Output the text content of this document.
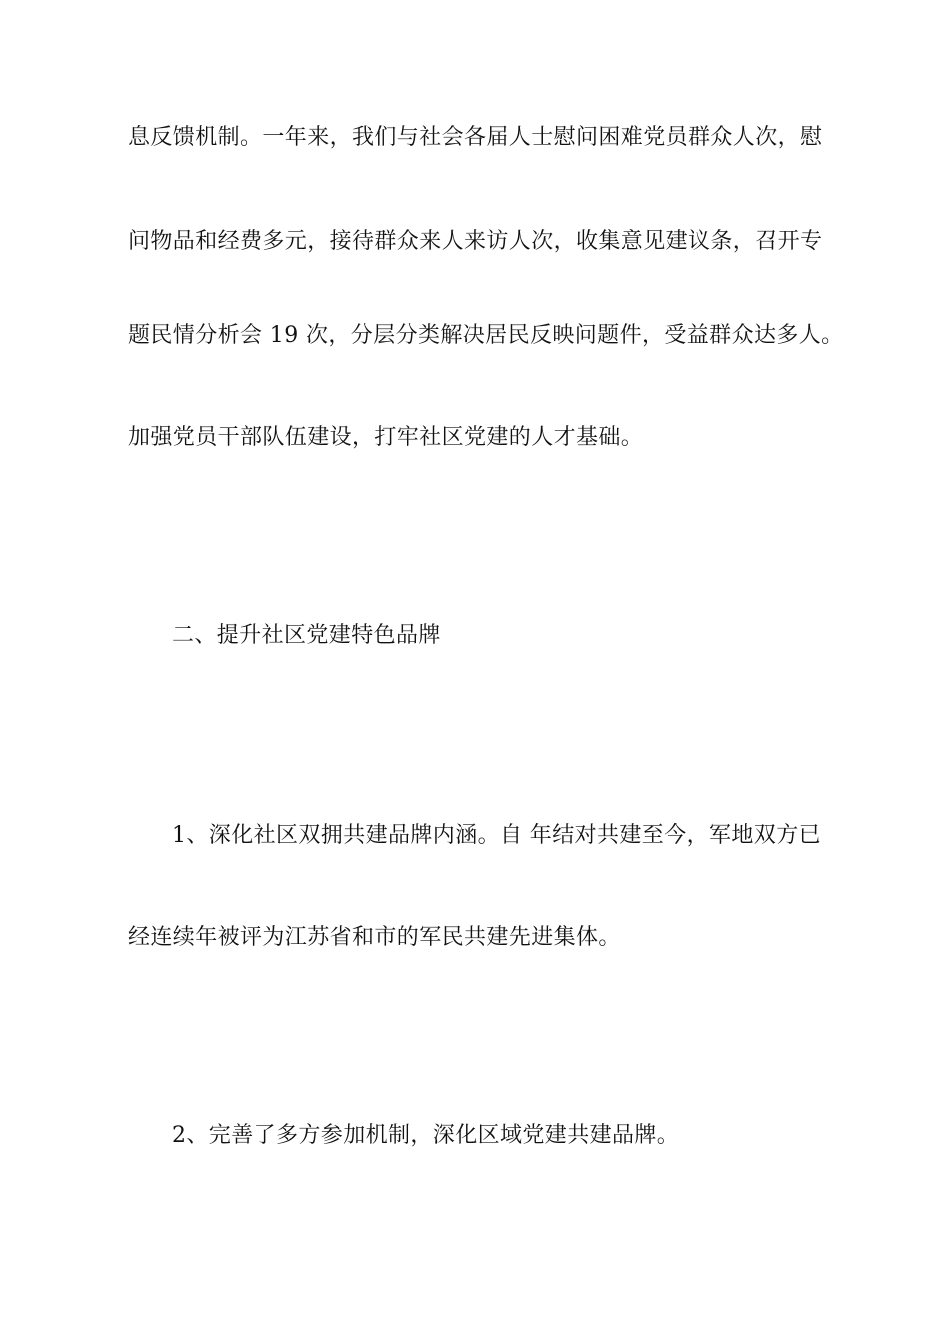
息反馈机制。一年来，我们与社会各届人士慰问困难党员群众人次，慰
问物品和经费多元，接待群众来人来访人次，收集意见建议条，召开专
题民情分析会 19 次，分层分类解决居民反映问题件，受益群众达多人。
加强党员干部队伍建设，打牢社区党建的人才基础。
二、提升社区党建特色品牌
1、深化社区双拥共建品牌内涵。自 年结对共建至今，军地双方已
经连续年被评为江苏省和市的军民共建先进集体。
2、完善了多方参加机制，深化区域党建共建品牌。
